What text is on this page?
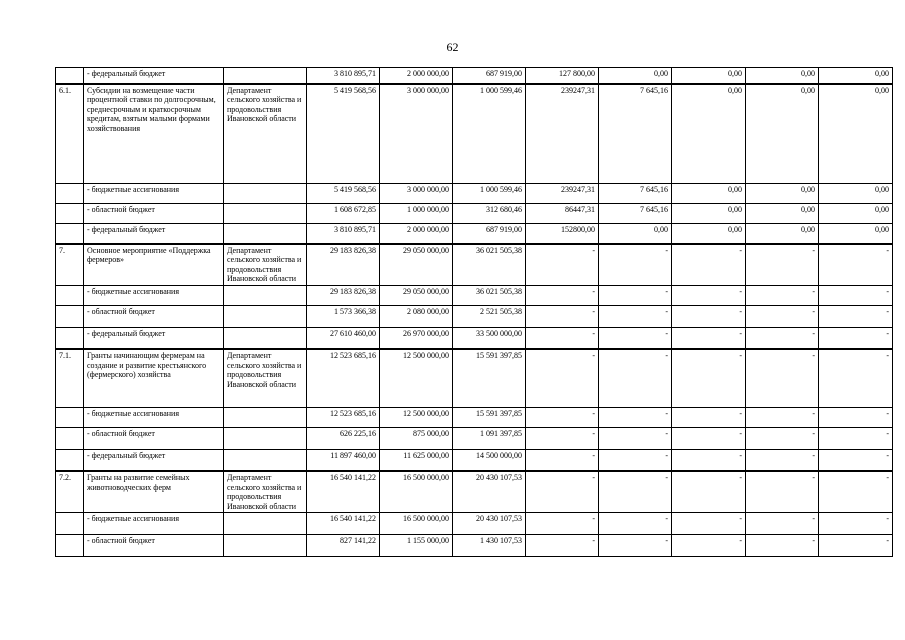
62
	- федеральный бюджет		3 810 895,71	2 000 000,00	687 919,00	127 800,00	0,00	0,00	0,00	0,00
6.1.	Субсидии на возмещение части процентной ставки по долгосрочным, среднесрочным и краткосрочным кредитам, взятым малыми формами хозяйствования	Департамент сельского хозяйства и продовольствия Ивановской области	5 419 568,56	3 000 000,00	1 000 599,46	239247,31	7 645,16	0,00	0,00	0,00
	- бюджетные ассигнования		5 419 568,56	3 000 000,00	1 000 599,46	239247,31	7 645,16	0,00	0,00	0,00
	- областной бюджет		1 608 672,85	1 000 000,00	312 680,46	86447,31	7 645,16	0,00	0,00	0,00
	- федеральный бюджет		3 810 895,71	2 000 000,00	687 919,00	152800,00	0,00	0,00	0,00	0,00
7.	Основное мероприятие «Поддержка фермеров»	Департамент сельского хозяйства и продовольствия Ивановской области	29 183 826,38	29 050 000,00	36 021 505,38	-	-	-	-	-
	- бюджетные ассигнования		29 183 826,38	29 050 000,00	36 021 505,38	-	-	-	-	-
	- областной бюджет		1 573 366,38	2 080 000,00	2 521 505,38	-	-	-	-	-
	- федеральный бюджет		27 610 460,00	26 970 000,00	33 500 000,00	-	-	-	-	-
7.1.	Гранты начинающим фермерам на создание и развитие крестьянского (фермерского) хозяйства	Департамент сельского хозяйства и продовольствия Ивановской области	12 523 685,16	12 500 000,00	15 591 397,85	-	-	-	-	-
	- бюджетные ассигнования		12 523 685,16	12 500 000,00	15 591 397,85	-	-	-	-	-
	- областной бюджет		626 225,16	875 000,00	1 091 397,85	-	-	-	-	-
	- федеральный бюджет		11 897 460,00	11 625 000,00	14 500 000,00	-	-	-	-	-
7.2.	Гранты на развитие семейных животноводческих ферм	Департамент сельского хозяйства и продовольствия Ивановской области	16 540 141,22	16 500 000,00	20 430 107,53	-	-	-	-	-
	- бюджетные ассигнования		16 540 141,22	16 500 000,00	20 430 107,53	-	-	-	-	-
	- областной бюджет		827 141,22	1 155 000,00	1 430 107,53	-	-	-	-	-
